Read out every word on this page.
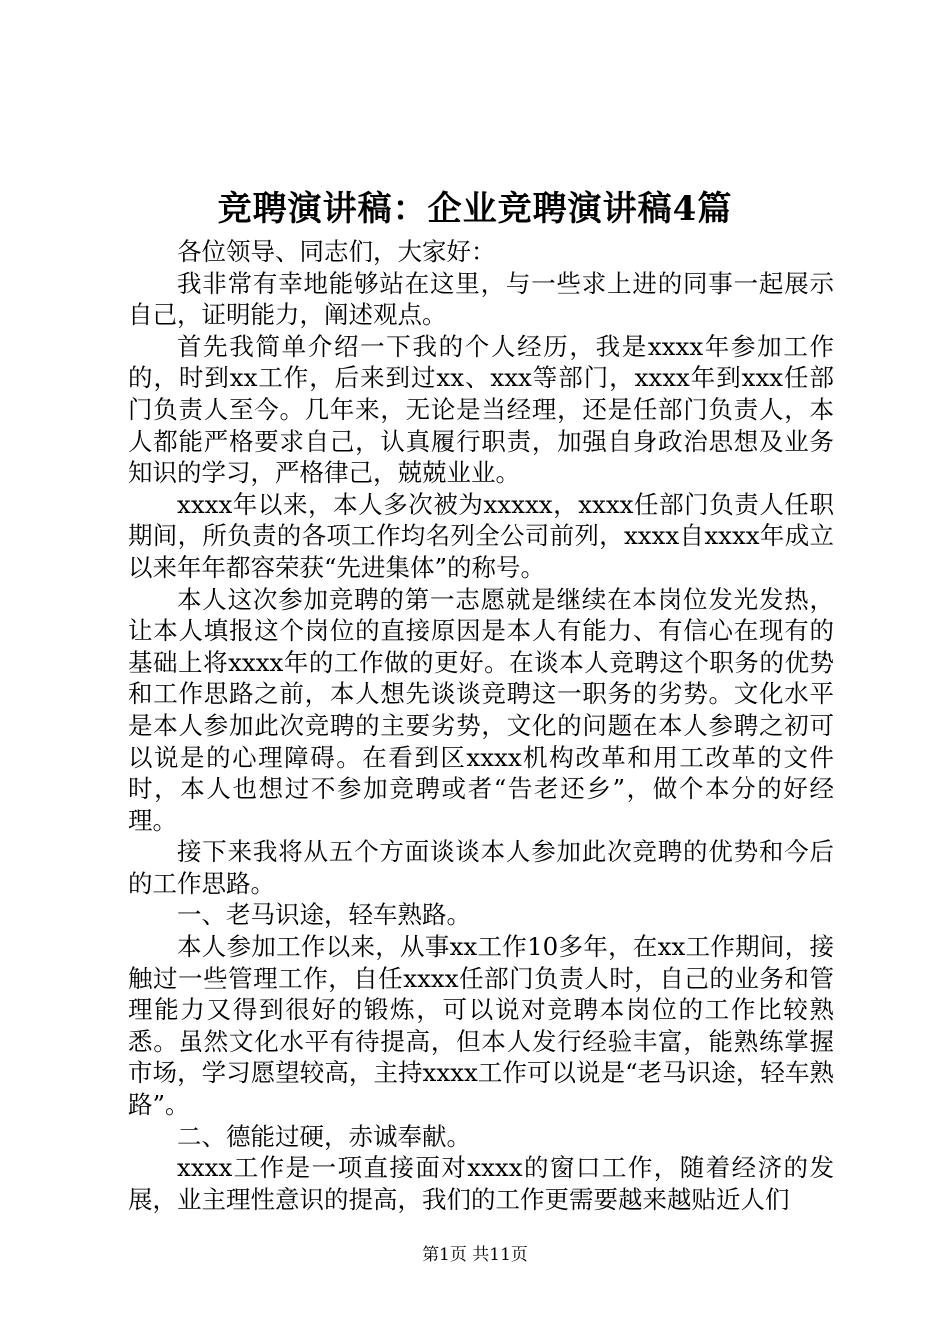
竞聘演讲稿：企业竞聘演讲稿4篇

各位领导、同志们，大家好：

我非常有幸地能够站在这里，与一些求上进的同事一起展示自己，证明能力，阐述观点。

首先我简单介绍一下我的个人经历，我是xxxx年参加工作的，时到xx工作，后来到过xx、xxx等部门，xxxx年到xxx任部门负责人至今。几年来，无论是当经理，还是任部门负责人，本人都能严格要求自己，认真履行职责，加强自身政治思想及业务知识的学习，严格律己，兢兢业业。

xxxx年以来，本人多次被为xxxxx，xxxx任部门负责人任职期间，所负责的各项工作均名列全公司前列，xxxx自xxxx年成立以来年年都容荣获“先进集体”的称号。

本人这次参加竞聘的第一志愿就是继续在本岗位发光发热，让本人填报这个岗位的直接原因是本人有能力、有信心在现有的基础上将xxxx年的工作做的更好。在谈本人竞聘这个职务的优势和工作思路之前，本人想先谈谈竞聘这一职务的劣势。文化水平是本人参加此次竞聘的主要劣势，文化的问题在本人参聘之初可以说是的心理障碍。在看到区xxxx机构改革和用工改革的文件时，本人也想过不参加竞聘或者“告老还乡”，做个本分的好经理。

接下来我将从五个方面谈谈本人参加此次竞聘的优势和今后的工作思路。

一、老马识途，轻车熟路。

本人参加工作以来，从事xx工作10多年，在xx工作期间，接触过一些管理工作，自任xxxx任部门负责人时，自己的业务和管理能力又得到很好的锻炼，可以说对竞聘本岗位的工作比较熟悉。虽然文化水平有待提高，但本人发行经验丰富，能熟练掌握市场，学习愿望较高，主持xxxx工作可以说是“老马识途，轻车熟路”。

二、德能过硬，赤诚奉献。

xxxx工作是一项直接面对xxxx的窗口工作，随着经济的发展，业主理性意识的提高，我们的工作更需要越来越贴近人们

第1页 共11页
